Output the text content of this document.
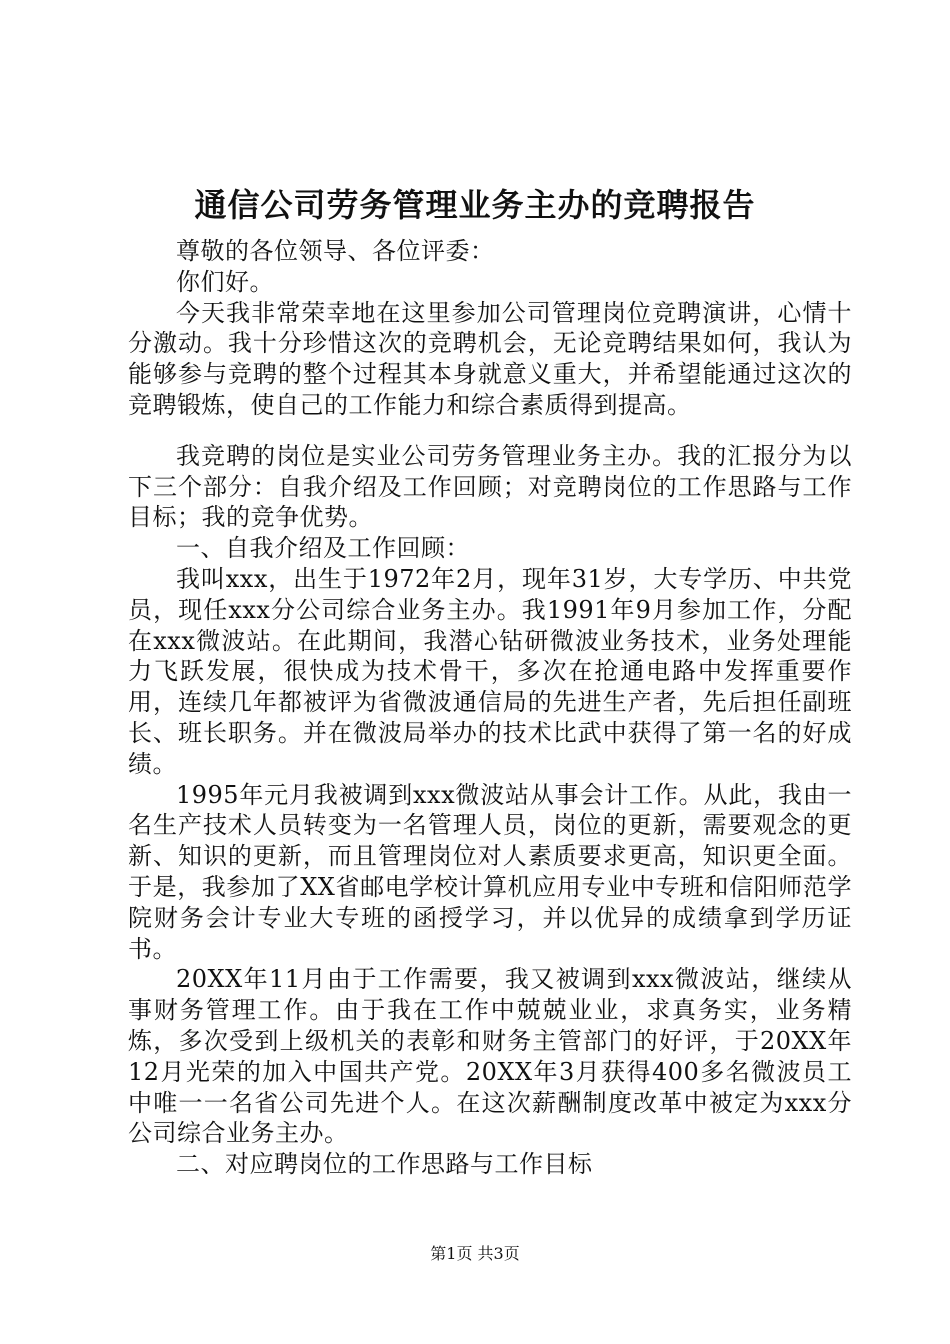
通信公司劳务管理业务主办的竞聘报告

尊敬的各位领导、各位评委：

你们好。

今天我非常荣幸地在这里参加公司管理岗位竞聘演讲，心情十分激动。我十分珍惜这次的竞聘机会，无论竞聘结果如何，我认为能够参与竞聘的整个过程其本身就意义重大，并希望能通过这次的竞聘锻炼，使自己的工作能力和综合素质得到提高。

我竞聘的岗位是实业公司劳务管理业务主办。我的汇报分为以下三个部分：自我介绍及工作回顾；对竞聘岗位的工作思路与工作目标；我的竞争优势。

一、自我介绍及工作回顾：

我叫xxx，出生于1972年2月，现年31岁，大专学历、中共党员，现任xxx分公司综合业务主办。我1991年9月参加工作，分配在xxx微波站。在此期间，我潜心钻研微波业务技术，业务处理能力飞跃发展，很快成为技术骨干，多次在抢通电路中发挥重要作用，连续几年都被评为省微波通信局的先进生产者，先后担任副班长、班长职务。并在微波局举办的技术比武中获得了第一名的好成绩。

1995年元月我被调到xxx微波站从事会计工作。从此，我由一名生产技术人员转变为一名管理人员，岗位的更新，需要观念的更新、知识的更新，而且管理岗位对人素质要求更高，知识更全面。于是，我参加了XX省邮电学校计算机应用专业中专班和信阳师范学院财务会计专业大专班的函授学习，并以优异的成绩拿到学历证书。

20XX年11月由于工作需要，我又被调到xxx微波站，继续从事财务管理工作。由于我在工作中兢兢业业，求真务实，业务精炼，多次受到上级机关的表彰和财务主管部门的好评，于20XX年12月光荣的加入中国共产党。20XX年3月获得400多名微波员工中唯一一名省公司先进个人。在这次薪酬制度改革中被定为xxx分公司综合业务主办。

二、对应聘岗位的工作思路与工作目标

第1页 共3页
